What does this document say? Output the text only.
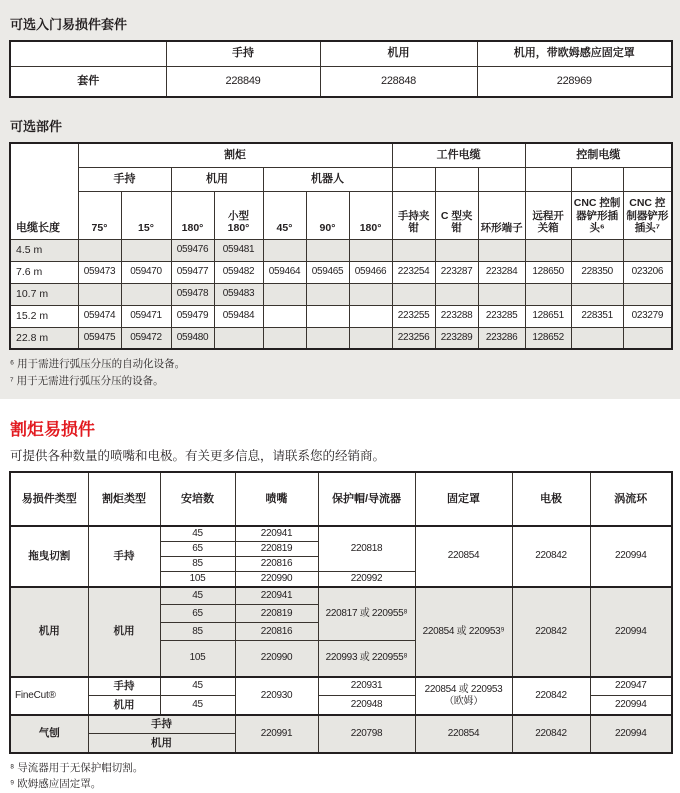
可选入门易损件套件
	手持	机用	机用，带欧姆感应固定罩
套件	228849	228848	228969
可选部件
电缆长度	割炬							工件电缆			控制电缆		
	手持		机用		机器人								
	75°	15°	180°	小型 180°	45°	90°	180°	手持夹钳	C 型夹钳	环形端子	远程开关箱	CNC 控制器铲形插头⁶	CNC 控制器铲形插头⁷
4.5 m			059476	059481									
7.6 m	059473	059470	059477	059482	059464	059465	059466	223254	223287	223284	128650	228350	023206
10.7 m			059478	059483									
15.2 m	059474	059471	059479	059484				223255	223288	223285	128651	228351	023279
22.8 m	059475	059472	059480					223256	223289	223286	128652		
⁶ 用于需进行弧压分压的自动化设备。
⁷ 用于无需进行弧压分压的设备。
割炬易损件
可提供各种数量的喷嘴和电极。有关更多信息，请联系您的经销商。
易损件类型	割炬类型	安培数	喷嘴	保护帽/导流器	固定罩	电极	涡流环
拖曳切割	手持	45	220941	220818	220854	220842	220994
		65	220819				
		85	220816				
		105	220990	220992			
机用	机用	45	220941	220817 或 220955⁸	220854 或 220953⁹	220842	220994
		65	220819				
		85	220816				
		105	220990	220993 或 220955⁸			
FineCut®	手持	45	220930	220931	220854 或 220953（欧姆）	220842	220947
	机用	45		220948			220994
气刨	手持		220991	220798	220854	220842	220994
	机用						
⁸ 导流器用于无保护帽切割。
⁹ 欧姆感应固定罩。
